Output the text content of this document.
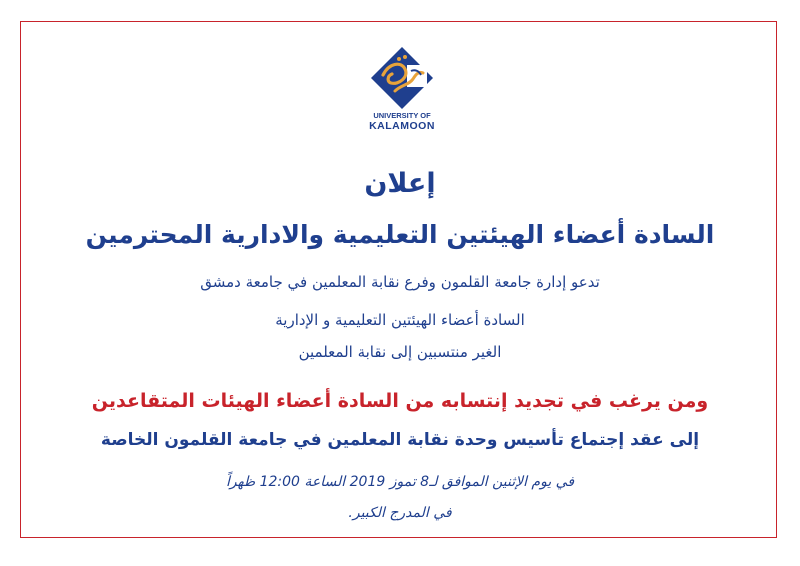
UNIVERSITY OF
KALAMOON
إعلان
السادة أعضاء الهيئتين التعليمية والادارية المحترمين
تدعو إدارة جامعة القلمون وفرع نقابة المعلمين في جامعة دمشق
السادة أعضاء الهيئتين التعليمية و الإدارية
الغير منتسبين إلى نقابة المعلمين
ومن يرغب في تجديد إنتسابه من السادة أعضاء الهيئات المتقاعدين
إلى عقد إجتماع تأسيس وحدة نقابة المعلمين في جامعة القلمون الخاصة
في يوم الإثنين الموافق لـ8 تموز 2019 الساعة 12:00 ظهراً
في المدرج الكبير.
